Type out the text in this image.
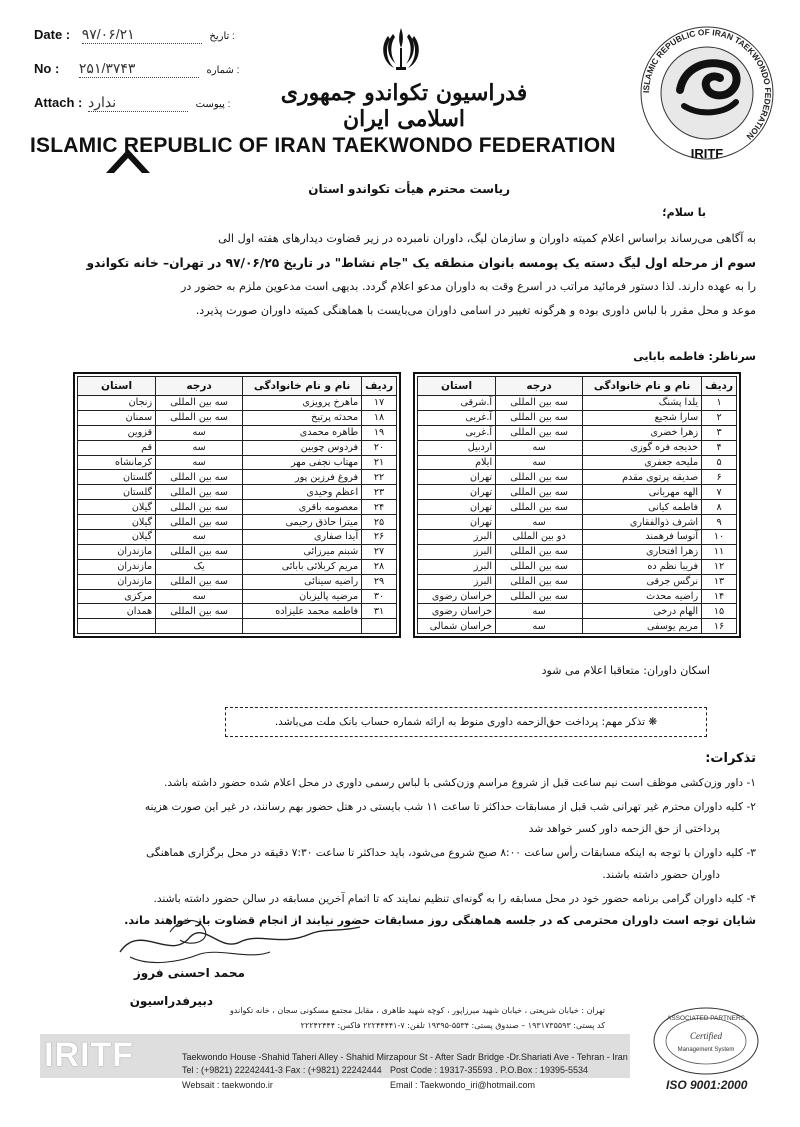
Date : ۹۷/۰۶/۲۱	تاریخ :
No : ۲۵۱/۳۷۴۳	شماره :
Attach : ندارد	پیوست :	فدراسیون تکواندو جمهوری اسلامی ایران
ISLAMIC REPUBLIC OF IRAN TAEKWONDO FEDERATION
ISLAMIC REPUBLIC OF IRAN TAEKWONDO FEDERATION
IRITF
ریاست محترم هیأت تکواندو استان
با سلام؛
به آگاهی می‌رساند براساس اعلام کمیته داوران و سازمان لیگ، داوران نامبرده در زیر قضاوت دیدارهای هفته اول الی
سوم از مرحله اول لیگ دسته یک پومسه بانوان منطقه یک "جام نشاط" در تاریخ ۹۷/۰۶/۲۵ در تهران– خانه تکواندو
را به عهده دارند. لذا دستور فرمائید مراتب در اسرع وقت به داوران مدعو اعلام گردد. بدیهی است مدعوین ملزم به حضور در
موعد و محل مقرر با لباس داوری بوده و هرگونه تغییر در اسامی داوران می‌بایست با هماهنگی کمیته داوران صورت پذیرد.
سرناظر: فاطمه بابایی
ردیف	نام و نام خانوادگی	درجه	استان
۱	یلدا پشنگ	سه بین المللی	آ.شرقی
۲	سارا شجیع	سه بین المللی	آ.غربی
۳	زهرا خضری	سه بین المللی	آ.غربی
۴	خدیجه فره گوزی	سه	اردبیل
۵	ملیحه جعفری	سه	ایلام
۶	صدیقه پرتوی مقدم	سه بین المللی	تهران
۷	الهه مهربانی	سه بین المللی	تهران
۸	فاطمه کیانی	سه بین المللی	تهران
۹	اشرف ذوالفقاری	سه	تهران
۱۰	آنوسا فرهمند	دو بین المللی	البرز
۱۱	زهرا افتخاری	سه بین المللی	البرز
۱۲	فریبا نظم ده	سه بین المللی	البرز
۱۳	نرگس جرقی	سه بین المللی	البرز
۱۴	راضیه محدث	سه بین المللی	خراسان رضوی
۱۵	الهام درخی	سه	خراسان رضوی
۱۶	مریم یوسفی	سه	خراسان شمالی
ردیف	نام و نام خانوادگی	درجه	استان
۱۷	ماهرخ پرویزی	سه بین المللی	زنجان
۱۸	محدثه پرتیخ	سه بین المللی	سمنان
۱۹	طاهره محمدی	سه	قزوین
۲۰	فردوس چوبین	سه	قم
۲۱	مهتاب نجفی مهر	سه	کرمانشاه
۲۲	فروغ فرزین پور	سه بین المللی	گلستان
۲۳	اعظم وحیدی	سه بین المللی	گلستان
۲۴	معصومه باقری	سه بین المللی	گیلان
۲۵	میترا حاذق رحیمی	سه بین المللی	گیلان
۲۶	آیدا صفاری	سه	گیلان
۲۷	شبنم میرزائی	سه بین المللی	مازندران
۲۸	مریم کربلائی بابائی	یک	مازندران
۲۹	راضیه سینائی	سه بین المللی	مازندران
۳۰	مرضیه پالیزبان	سه	مرکزی
۳۱	فاطمه محمد علیزاده	سه بین المللی	همدان

اسکان داوران: متعاقبا اعلام می شود
❋ تذکر مهم: پرداخت حق‌الزحمه داوری منوط به ارائه شماره حساب بانک ملت می‌باشد.
تذکرات:
۱- داور وزن‌کشی موظف است نیم ساعت قبل از شروع مراسم وزن‌کشی با لباس رسمی داوری در محل اعلام شده حضور داشته باشد.
۲- کلیه داوران محترم غیر تهرانی شب قبل از مسابقات حداکثر تا ساعت ۱۱ شب بایستی در هتل حضور بهم رسانند، در غیر این صورت هزینه
پرداختی از حق الزحمه داور کسر خواهد شد
۳- کلیه داوران با توجه به اینکه مسابقات رأس ساعت ۸:۰۰ صبح شروع می‌شود، باید حداکثر تا ساعت ۷:۳۰ دقیقه در محل برگزاری هماهنگی
داوران حضور داشته باشند.
۴- کلیه داوران گرامی برنامه حضور خود در محل مسابقه را به گونه‌ای تنظیم نمایند که تا اتمام آخرین مسابقه در سالن حضور داشته باشند.
شایان توجه است داوران محترمی که در جلسه هماهنگی روز مسابقات حضور نیابند از انجام قضاوت باز خواهند ماند.
محمد احسنی فروز
دبیرفدراسیون
تهران : خیابان شریعتی ، خیابان شهید میرزاپور ، کوچه شهید طاهری ، مقابل مجتمع مسکونی سجان ، خانه تکواندو
کد پستی: ۱۹۳۱۷۳۵۵۹۳ – صندوق پستی: ۵۵۳۴-۱۹۳۹۵ تلفن: ۷-۲۲۲۴۴۴۴۱ فاکس: ۲۲۲۴۲۴۴۴
IRITF	Taekwondo House -Shahid Taheri Alley - Shahid Mirzapour St - After Sadr Bridge -Dr.Shariati Ave - Tehran - Iran
Tel : (+9821) 22242441-3 Fax : (+9821) 22242444 Post Code : 19317-35593 . P.O.Box : 19395-5534
Websait : taekwondo.ir	Email : Taekwondo_iri@hotmail.com
ASSOCIATED PARTNERS
Certified
Management System
ISO 9001:2000
